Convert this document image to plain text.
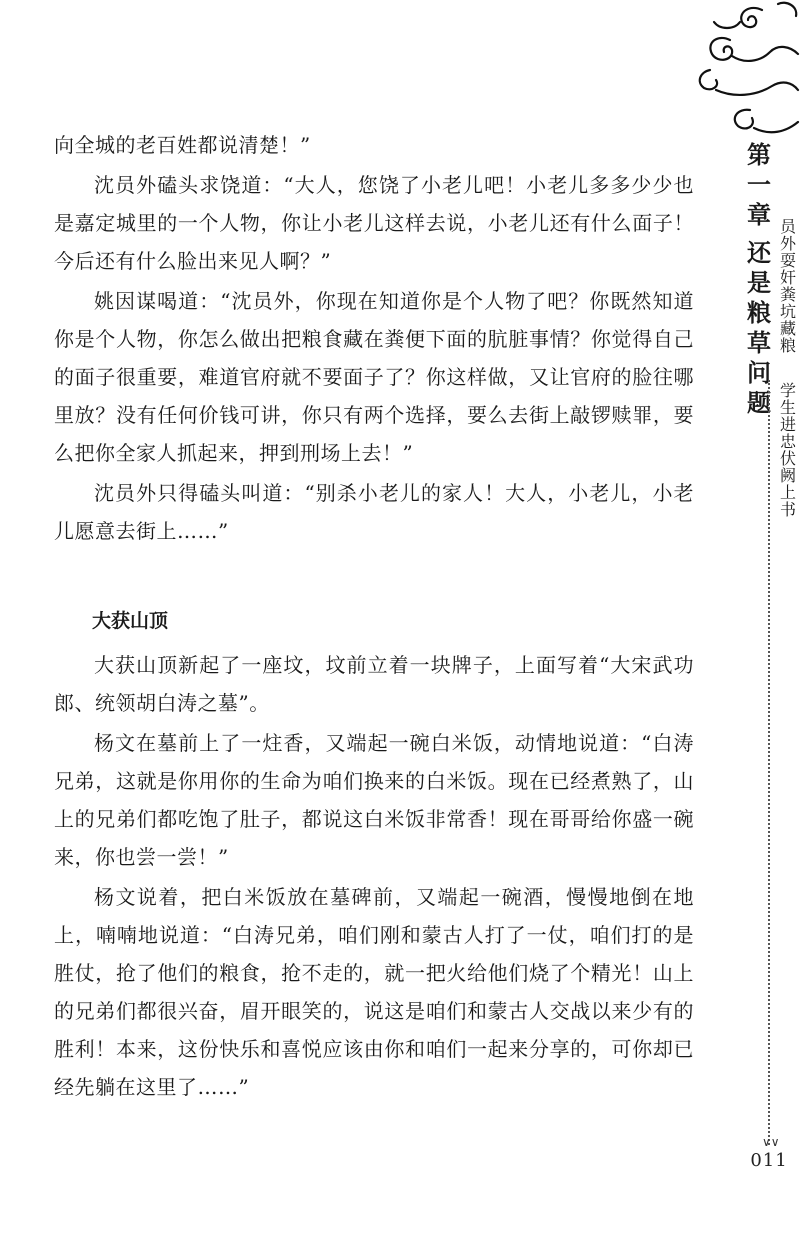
第一章
还是粮草问题
员外耍奸粪坑藏粮
学生进忠伏阙上书
∨∨
011

向全城的老百姓都说清楚！”

沈员外磕头求饶道：“大人，您饶了小老儿吧！小老儿多多少少也是嘉定城里的一个人物，你让小老儿这样去说，小老儿还有什么面子！今后还有什么脸出来见人啊？”

姚因谋喝道：“沈员外，你现在知道你是个人物了吧？你既然知道你是个人物，你怎么做出把粮食藏在粪便下面的肮脏事情？你觉得自己的面子很重要，难道官府就不要面子了？你这样做，又让官府的脸往哪里放？没有任何价钱可讲，你只有两个选择，要么去街上敲锣赎罪，要么把你全家人抓起来，押到刑场上去！”

沈员外只得磕头叫道：“别杀小老儿的家人！大人，小老儿，小老儿愿意去街上……”

大获山顶

大获山顶新起了一座坟，坟前立着一块牌子，上面写着“大宋武功郎、统领胡白涛之墓”。

杨文在墓前上了一炷香，又端起一碗白米饭，动情地说道：“白涛兄弟，这就是你用你的生命为咱们换来的白米饭。现在已经煮熟了，山上的兄弟们都吃饱了肚子，都说这白米饭非常香！现在哥哥给你盛一碗来，你也尝一尝！”

杨文说着，把白米饭放在墓碑前，又端起一碗酒，慢慢地倒在地上，喃喃地说道：“白涛兄弟，咱们刚和蒙古人打了一仗，咱们打的是胜仗，抢了他们的粮食，抢不走的，就一把火给他们烧了个精光！山上的兄弟们都很兴奋，眉开眼笑的，说这是咱们和蒙古人交战以来少有的胜利！本来，这份快乐和喜悦应该由你和咱们一起来分享的，可你却已经先躺在这里了……”
